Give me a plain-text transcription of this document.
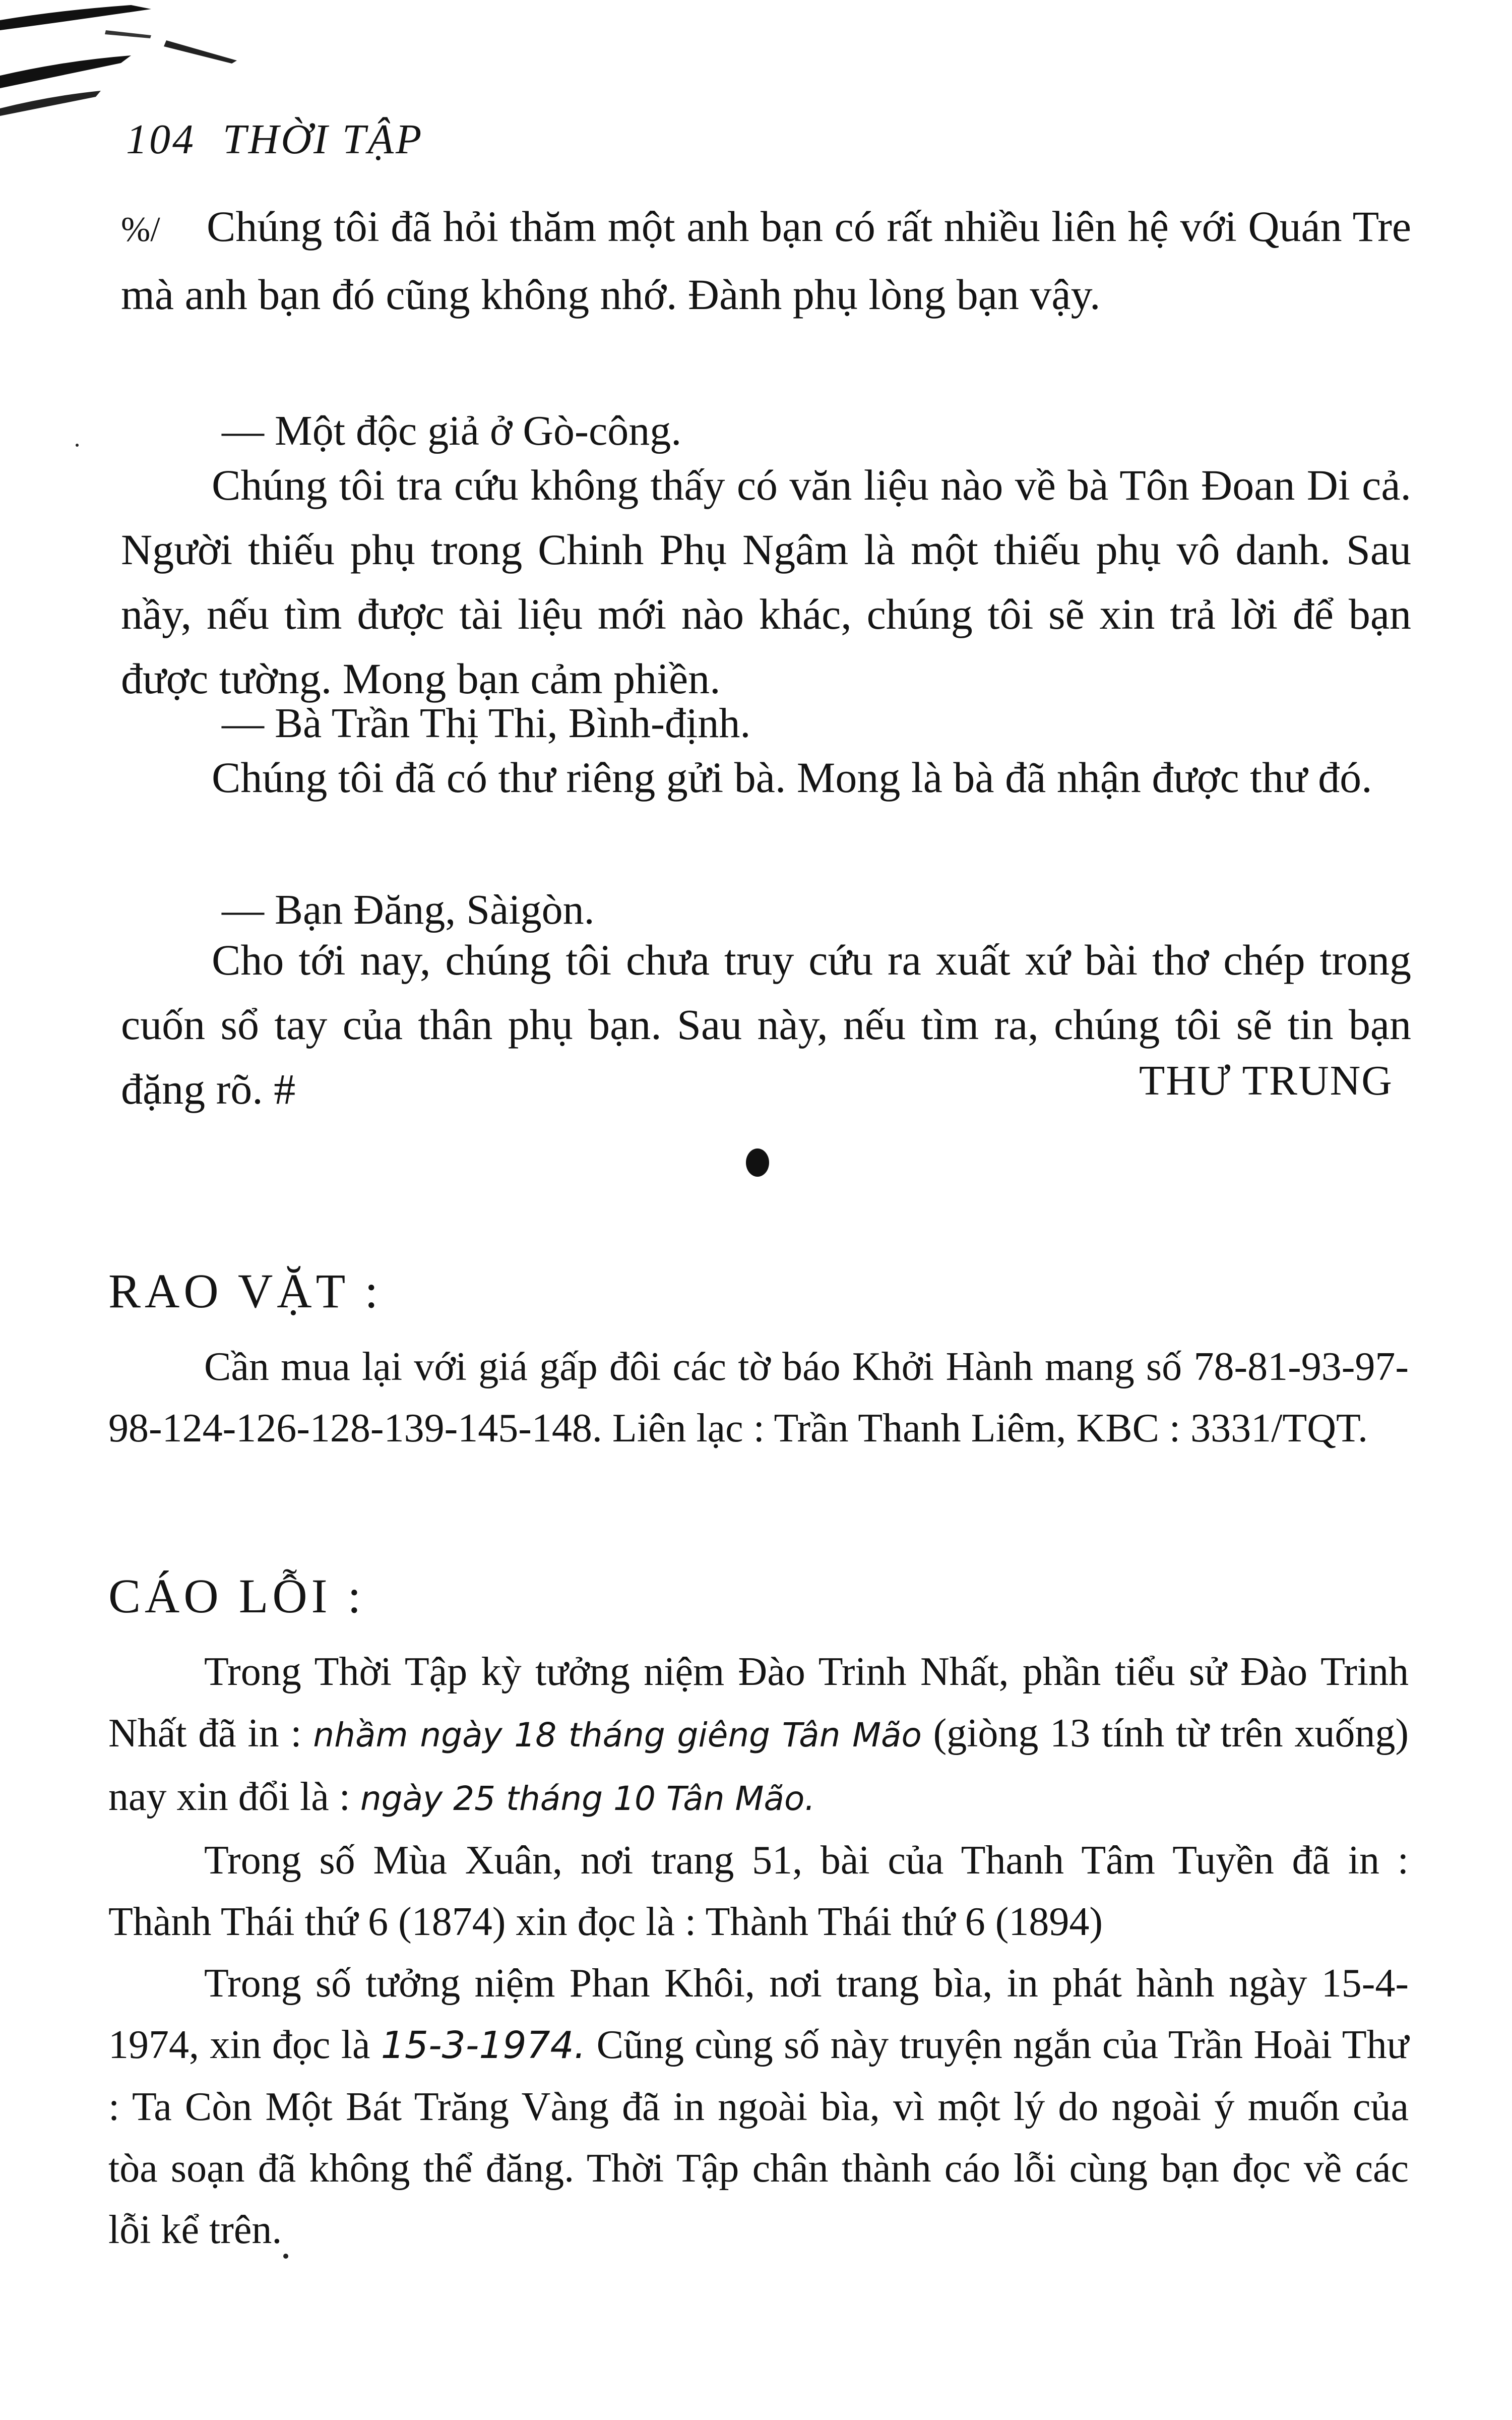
104 THỜI TẬP

%/ Chúng tôi đã hỏi thăm một anh bạn có rất nhiều liên hệ với Quán Tre mà anh bạn đó cũng không nhớ. Đành phụ lòng bạn vậy.

— Một độc giả ở Gò-công.

Chúng tôi tra cứu không thấy có văn liệu nào về bà Tôn Đoan Di cả. Người thiếu phụ trong Chinh Phụ Ngâm là một thiếu phụ vô danh. Sau nầy, nếu tìm được tài liệu mới nào khác, chúng tôi sẽ xin trả lời để bạn được tường. Mong bạn cảm phiền.

— Bà Trần Thị Thi, Bình-định.

Chúng tôi đã có thư riêng gửi bà. Mong là bà đã nhận được thư đó.

— Bạn Đăng, Sàigòn.

Cho tới nay, chúng tôi chưa truy cứu ra xuất xứ bài thơ chép trong cuốn sổ tay của thân phụ bạn. Sau này, nếu tìm ra, chúng tôi sẽ tin bạn đặng rõ. #	THƯ TRUNG
RAO VẶT :

Cần mua lại với giá gấp đôi các tờ báo Khởi Hành mang số 78-81-93-97-98-124-126-128-139-145-148. Liên lạc : Trần Thanh Liêm, KBC : 3331/TQT.

CÁO LỖI :

Trong Thời Tập kỳ tưởng niệm Đào Trinh Nhất, phần tiểu sử Đào Trinh Nhất đã in : nhầm ngày 18 tháng giêng Tân Mão (giòng 13 tính từ trên xuống) nay xin đổi là : ngày 25 tháng 10 Tân Mão.

Trong số Mùa Xuân, nơi trang 51, bài của Thanh Tâm Tuyền đã in : Thành Thái thứ 6 (1874) xin đọc là : Thành Thái thứ 6 (1894)

Trong số tưởng niệm Phan Khôi, nơi trang bìa, in phát hành ngày 15-4-1974, xin đọc là 15-3-1974. Cũng cùng số này truyện ngắn của Trần Hoài Thư : Ta Còn Một Bát Trăng Vàng đã in ngoài bìa, vì một lý do ngoài ý muốn của tòa soạn đã không thể đăng. Thời Tập chân thành cáo lỗi cùng bạn đọc về các lỗi kể trên.
